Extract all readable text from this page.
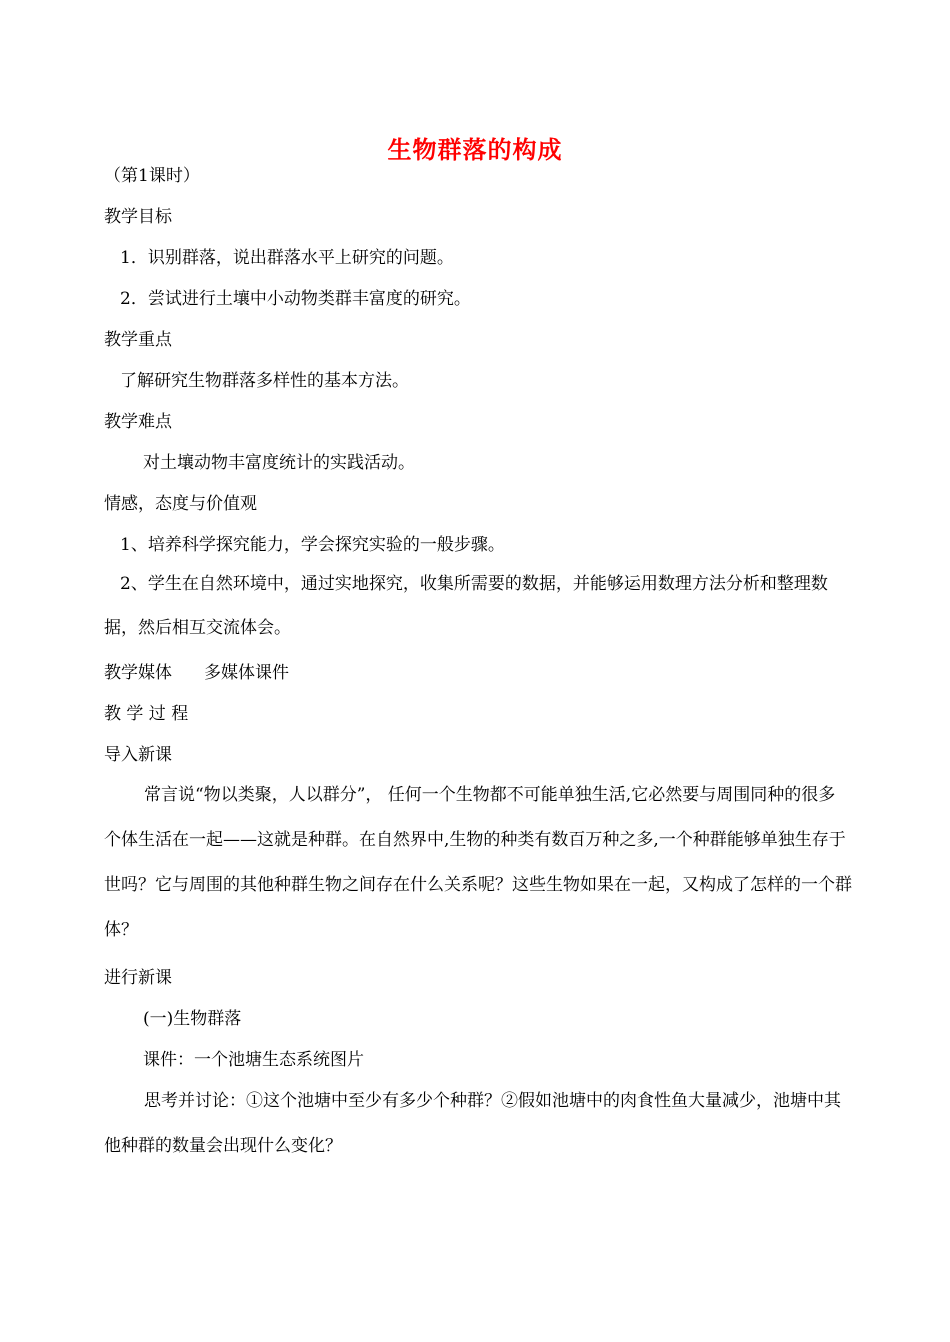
生物群落的构成
（第1课时）
教学目标
1．识别群落，说出群落水平上研究的问题。
2．尝试进行土壤中小动物类群丰富度的研究。
教学重点
了解研究生物群落多样性的基本方法。
教学难点
对土壤动物丰富度统计的实践活动。
情感，态度与价值观
1、培养科学探究能力，学会探究实验的一般步骤。
2、学生在自然环境中，通过实地探究，收集所需要的数据，并能够运用数理方法分析和整理数据，然后相互交流体会。
教学媒体 多媒体课件
教 学 过 程
导入新课
常言说“物以类聚，人以群分”， 任何一个生物都不可能单独生活,它必然要与周围同种的很多个体生活在一起——这就是种群。在自然界中,生物的种类有数百万种之多,一个种群能够单独生存于世吗？它与周围的其他种群生物之间存在什么关系呢？这些生物如果在一起，又构成了怎样的一个群体？
进行新课
(一)生物群落
课件：一个池塘生态系统图片
思考并讨论：①这个池塘中至少有多少个种群？②假如池塘中的肉食性鱼大量减少，池塘中其他种群的数量会出现什么变化？
